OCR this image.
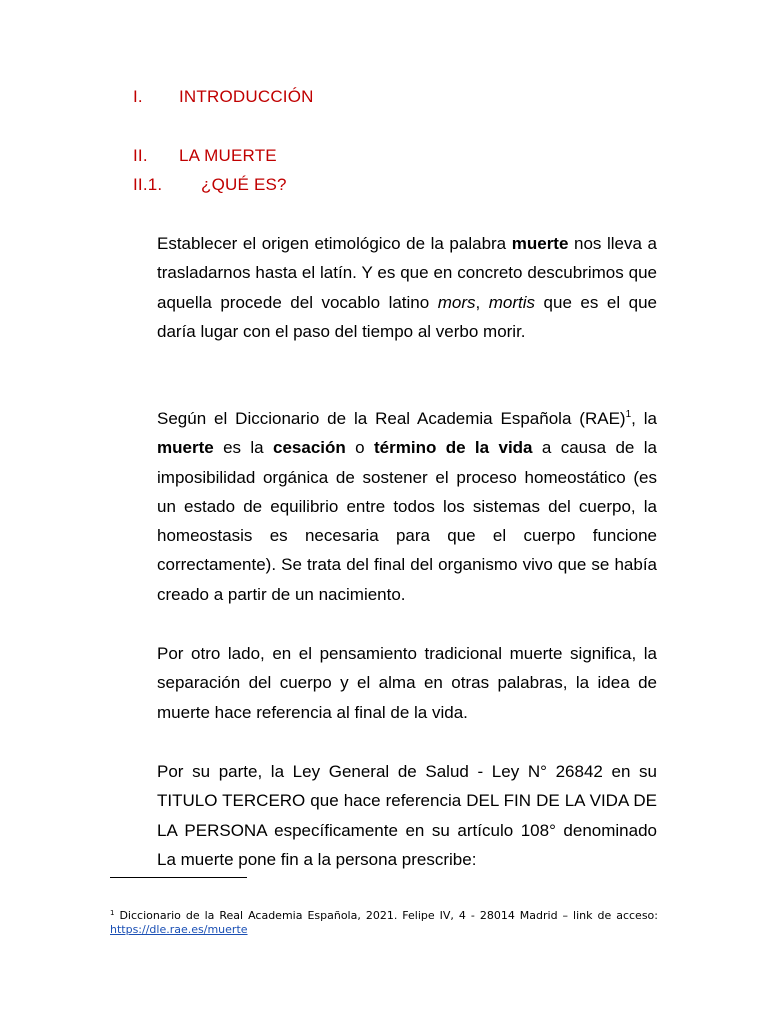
I. INTRODUCCIÓN
II. LA MUERTE
II.1. ¿QUÉ ES?

Establecer el origen etimológico de la palabra muerte nos lleva a trasladarnos hasta el latín. Y es que en concreto descubrimos que aquella procede del vocablo latino mors, mortis que es el que daría lugar con el paso del tiempo al verbo morir.

Según el Diccionario de la Real Academia Española (RAE)$^1$, la muerte es la cesación o término de la vida a causa de la imposibilidad orgánica de sostener el proceso homeostático (es un estado de equilibrio entre todos los sistemas del cuerpo, la homeostasis es necesaria para que el cuerpo funcione correctamente). Se trata del final del organismo vivo que se había creado a partir de un nacimiento.

Por otro lado, en el pensamiento tradicional muerte significa, la separación del cuerpo y el alma en otras palabras, la idea de muerte hace referencia al final de la vida.

Por su parte, la Ley General de Salud - Ley N° 26842 en su TITULO TERCERO que hace referencia DEL FIN DE LA VIDA DE LA PERSONA específicamente en su artículo 108° denominado La muerte pone fin a la persona prescribe:

$^1$ Diccionario de la Real Academia Española, 2021. Felipe IV, 4 - 28014 Madrid – link de acceso: https://dle.rae.es/muerte
